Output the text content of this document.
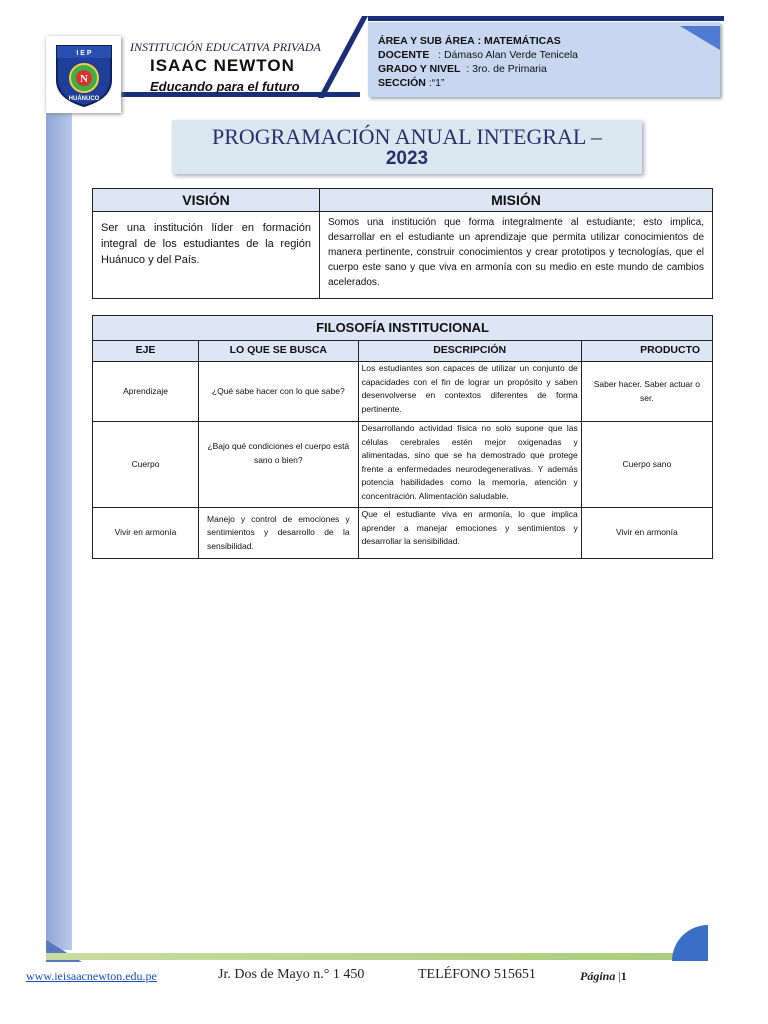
I E P
N
HUÁNUCO
INSTITUCIÓN EDUCATIVA PRIVADA
ISAAC NEWTON
Educando para el futuro
ÁREA Y SUB ÁREA : MATEMÁTICAS
DOCENTE : Dámaso Alan Verde Tenicela
GRADO Y NIVEL : 3ro. de Primaria
SECCIÓN :“1”
PROGRAMACIÓN ANUAL INTEGRAL –
2023
VISIÓN	MISIÓN
Ser una institución líder en formación integral de los estudiantes de la región Huánuco y del País.	Somos una institución que forma integralmente al estudiante; esto implica, desarrollar en el estudiante un aprendizaje que permita utilizar conocimientos de manera pertinente, construir conocimientos y crear prototipos y tecnologías, que el cuerpo este sano y que viva en armonía con su medio en este mundo de cambios acelerados.
FILOSOFÍA INSTITUCIONAL			
EJE	LO QUE SE BUSCA	DESCRIPCIÓN	PRODUCTO
Aprendizaje	¿Qué sabe hacer con lo que sabe?	Los estudiantes son capaces de utilizar un conjunto de capacidades con el fin de lograr un propósito y saben desenvolverse en contextos diferentes de forma pertinente.	Saber hacer. Saber actuar o ser.
Cuerpo	¿Bajo qué condiciones el cuerpo está sano o bien?	Desarrollando actividad física no solo supone que las células cerebrales estén mejor oxigenadas y alimentadas, sino que se ha demostrado que protege frente a enfermedades neurodegenerativas. Y además potencia habilidades como la memoria, atención y concentración. Alimentación saludable.	Cuerpo sano
Vivir en armonía	Manejo y control de emociones y sentimientos y desarrollo de la sensibilidad.	Que el estudiante viva en armonía, lo que implica aprender a manejar emociones y sentimientos y desarrollar la sensibilidad.	Vivir en armonía
www.ieisaacnewton.edu.pe	Jr. Dos de Mayo n.° 1 450	TELÉFONO 515651	Página |1
